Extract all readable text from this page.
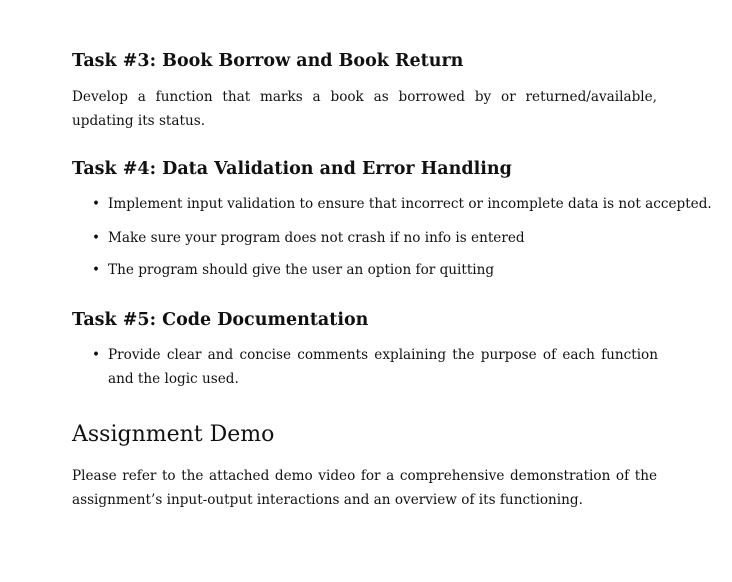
Task #3: Book Borrow and Book Return

Develop a function that marks a book as borrowed by or returned/available, updating its status.

Task #4: Data Validation and Error Handling
• Implement input validation to ensure that incorrect or incomplete data is not accepted.

• Make sure your program does not crash if no info is entered

• The program should give the user an option for quitting

Task #5: Code Documentation
• Provide clear and concise comments explaining the purpose of each function and the logic used.

Assignment Demo

Please refer to the attached demo video for a comprehensive demonstration of the assignment’s input-output interactions and an overview of its functioning.
